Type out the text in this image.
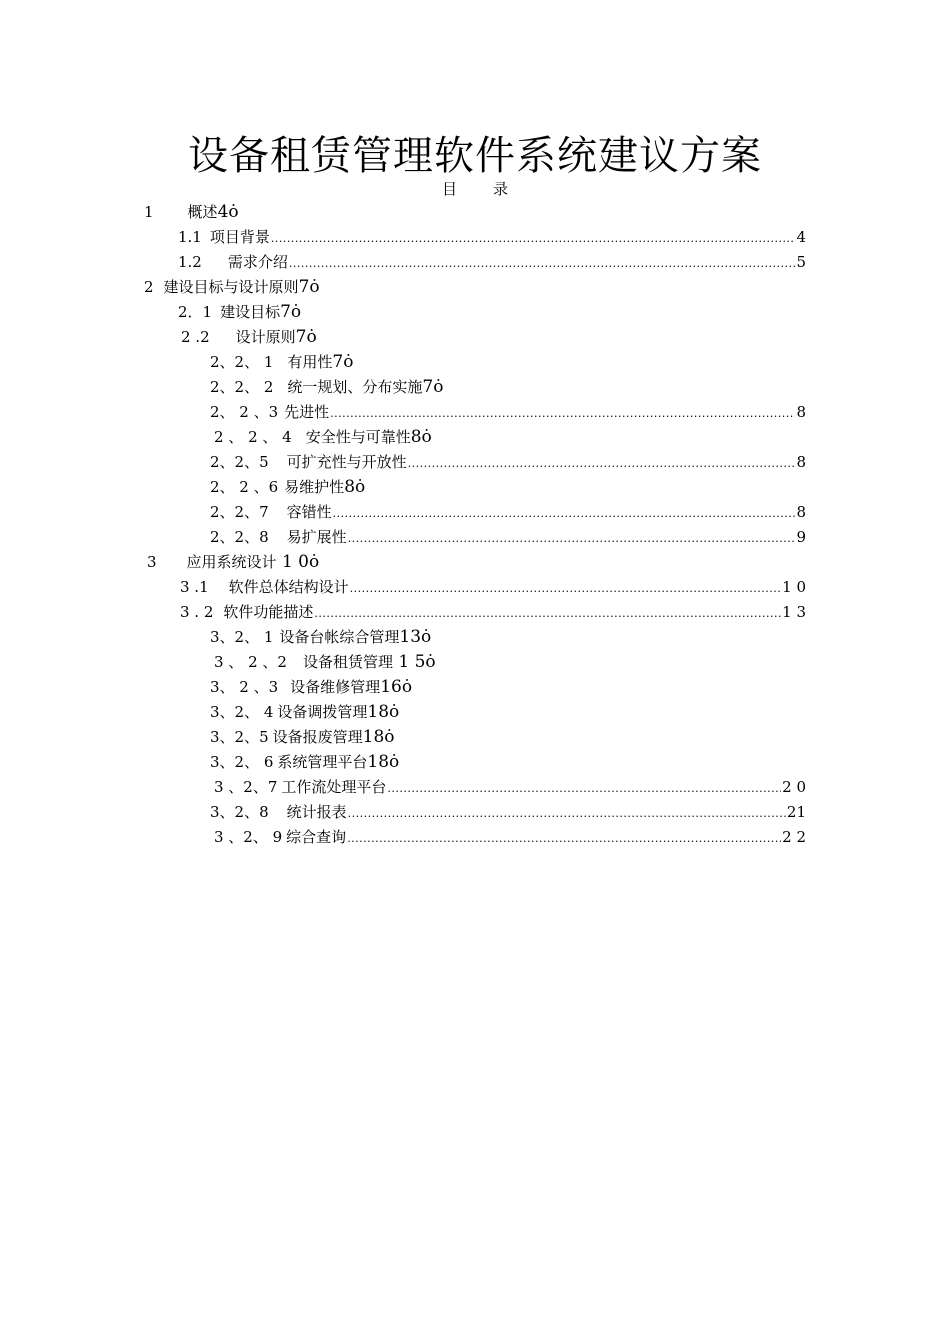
设备租赁管理软件系统建议方案
目录
1 概述 4ȯ
1.1 项目背景 .....	4
1.2 需求介绍 .....	5
2 建设目标与设计原则 7ȯ
2．1 建设目标 7ȯ
2 .2 设计原则 7ȯ
2、2、 1 有用性 7ȯ
2、2、 2 统一规划、分布实施 7ȯ
2、 2 、3 先进性 .....	8
2 、 2 、 4 安全性与可靠性 8ȯ
2、2、5 可扩充性与开放性 .....	8
2、 2 、6 易维护性 8ȯ
2、2、7 容错性 .....	8
2、2、8 易扩展性 .....	9
3 应用系统设计 1 0ȯ
3 .1 软件总体结构设计 .....	1 0
3 . 2 软件功能描述 .....	1 3
3、2、 1 设备台帐综合管理 13ȯ
3 、 2 、2 设备租赁管理 1 5ȯ
3、 2 、3 设备维修管理 16ȯ
3、2、 4 设备调拨管理 18ȯ
3、2、5 设备报废管理 18ȯ
3、2、 6 系统管理平台 18ȯ
3 、2、7 工作流处理平台 .....	2 0
3、2、8 统计报表 .....	21
3 、2、 9 综合查询 .....	2 2
